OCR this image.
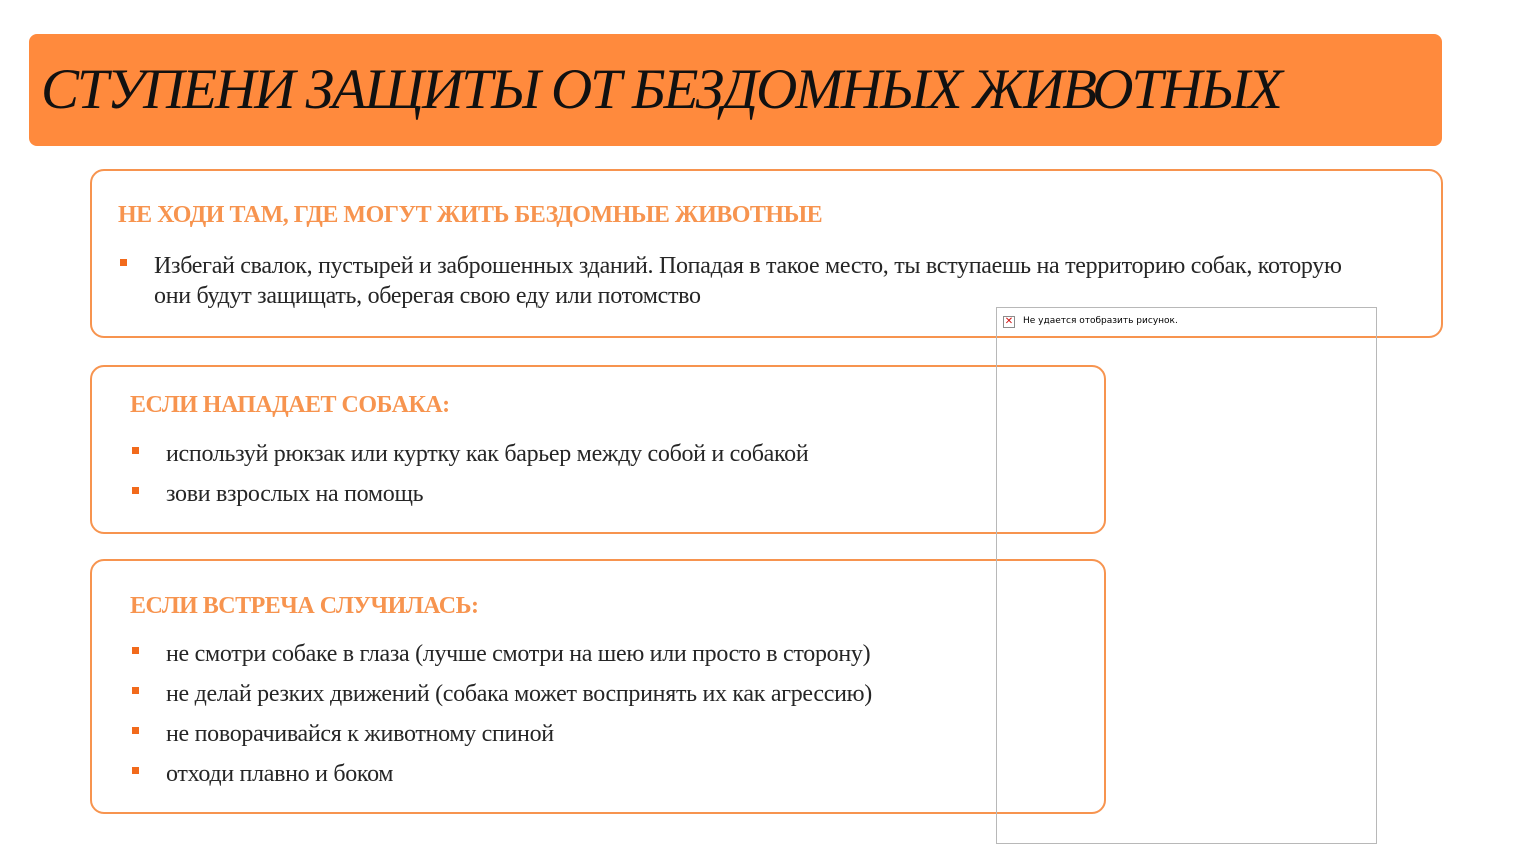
СТУПЕНИ ЗАЩИТЫ ОТ БЕЗДОМНЫХ ЖИВОТНЫХ
НЕ ХОДИ ТАМ, ГДЕ МОГУТ ЖИТЬ БЕЗДОМНЫЕ ЖИВОТНЫЕ
Избегай свалок, пустырей и заброшенных зданий. Попадая в такое место, ты вступаешь на территорию собак, которую они будут защищать, оберегая свою еду или потомство
ЕСЛИ НАПАДАЕТ СОБАКА:
используй рюкзак или куртку как барьер между собой и собакой
зови взрослых на помощь
ЕСЛИ ВСТРЕЧА СЛУЧИЛАСЬ:
не смотри собаке в глаза (лучше смотри на шею или просто в сторону)
не делай резких движений (собака может воспринять их как агрессию)
не поворачивайся к животному спиной
отходи плавно и боком
✕ Не удается отобразить рисунок.
